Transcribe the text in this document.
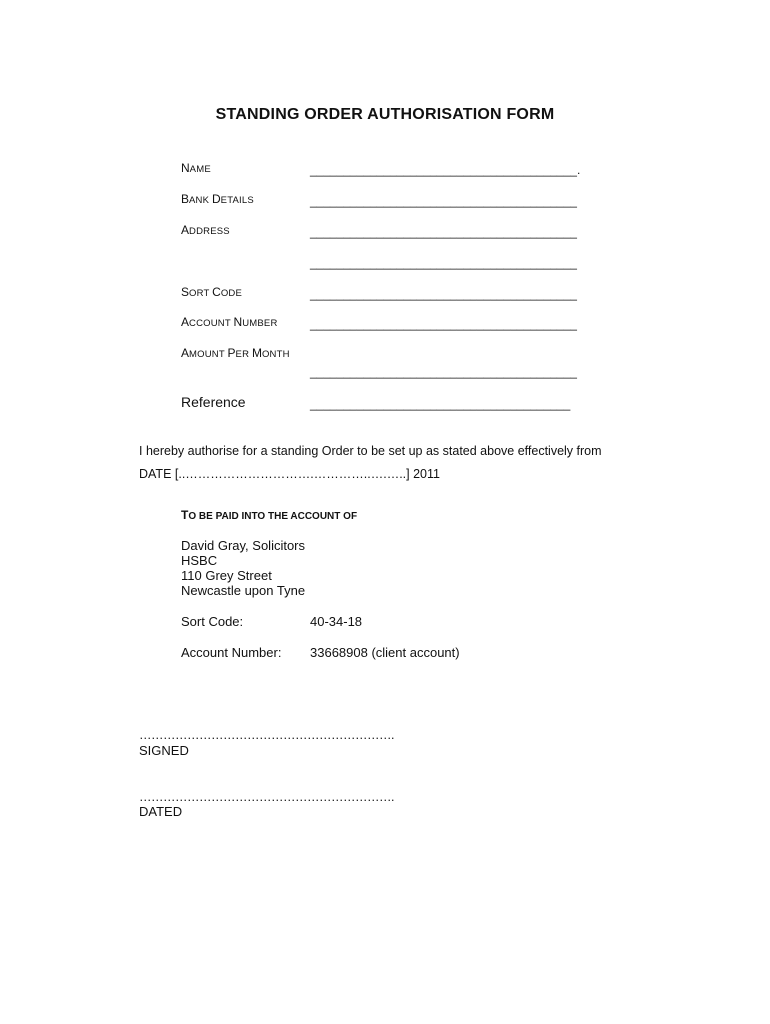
STANDING ORDER AUTHORISATION FORM
NAME	________________________________________.
BANK DETAILS	________________________________________
ADDRESS	________________________________________
________________________________________
SORT CODE	________________________________________
ACCOUNT NUMBER	________________________________________
AMOUNT PER MONTH
________________________________________
Reference	_______________________________________
I hereby authorise for a standing Order to be set up as stated above effectively from
DATE [..………………………….…………..….…..] 2011
TO BE PAID INTO THE ACCOUNT OF
David Gray, Solicitors
HSBC
110 Grey Street
Newcastle upon Tyne
Sort Code:	40-34-18
Account Number: 33668908 (client account)
……………………………………………………….
SIGNED
……………………………………………………….
DATED
